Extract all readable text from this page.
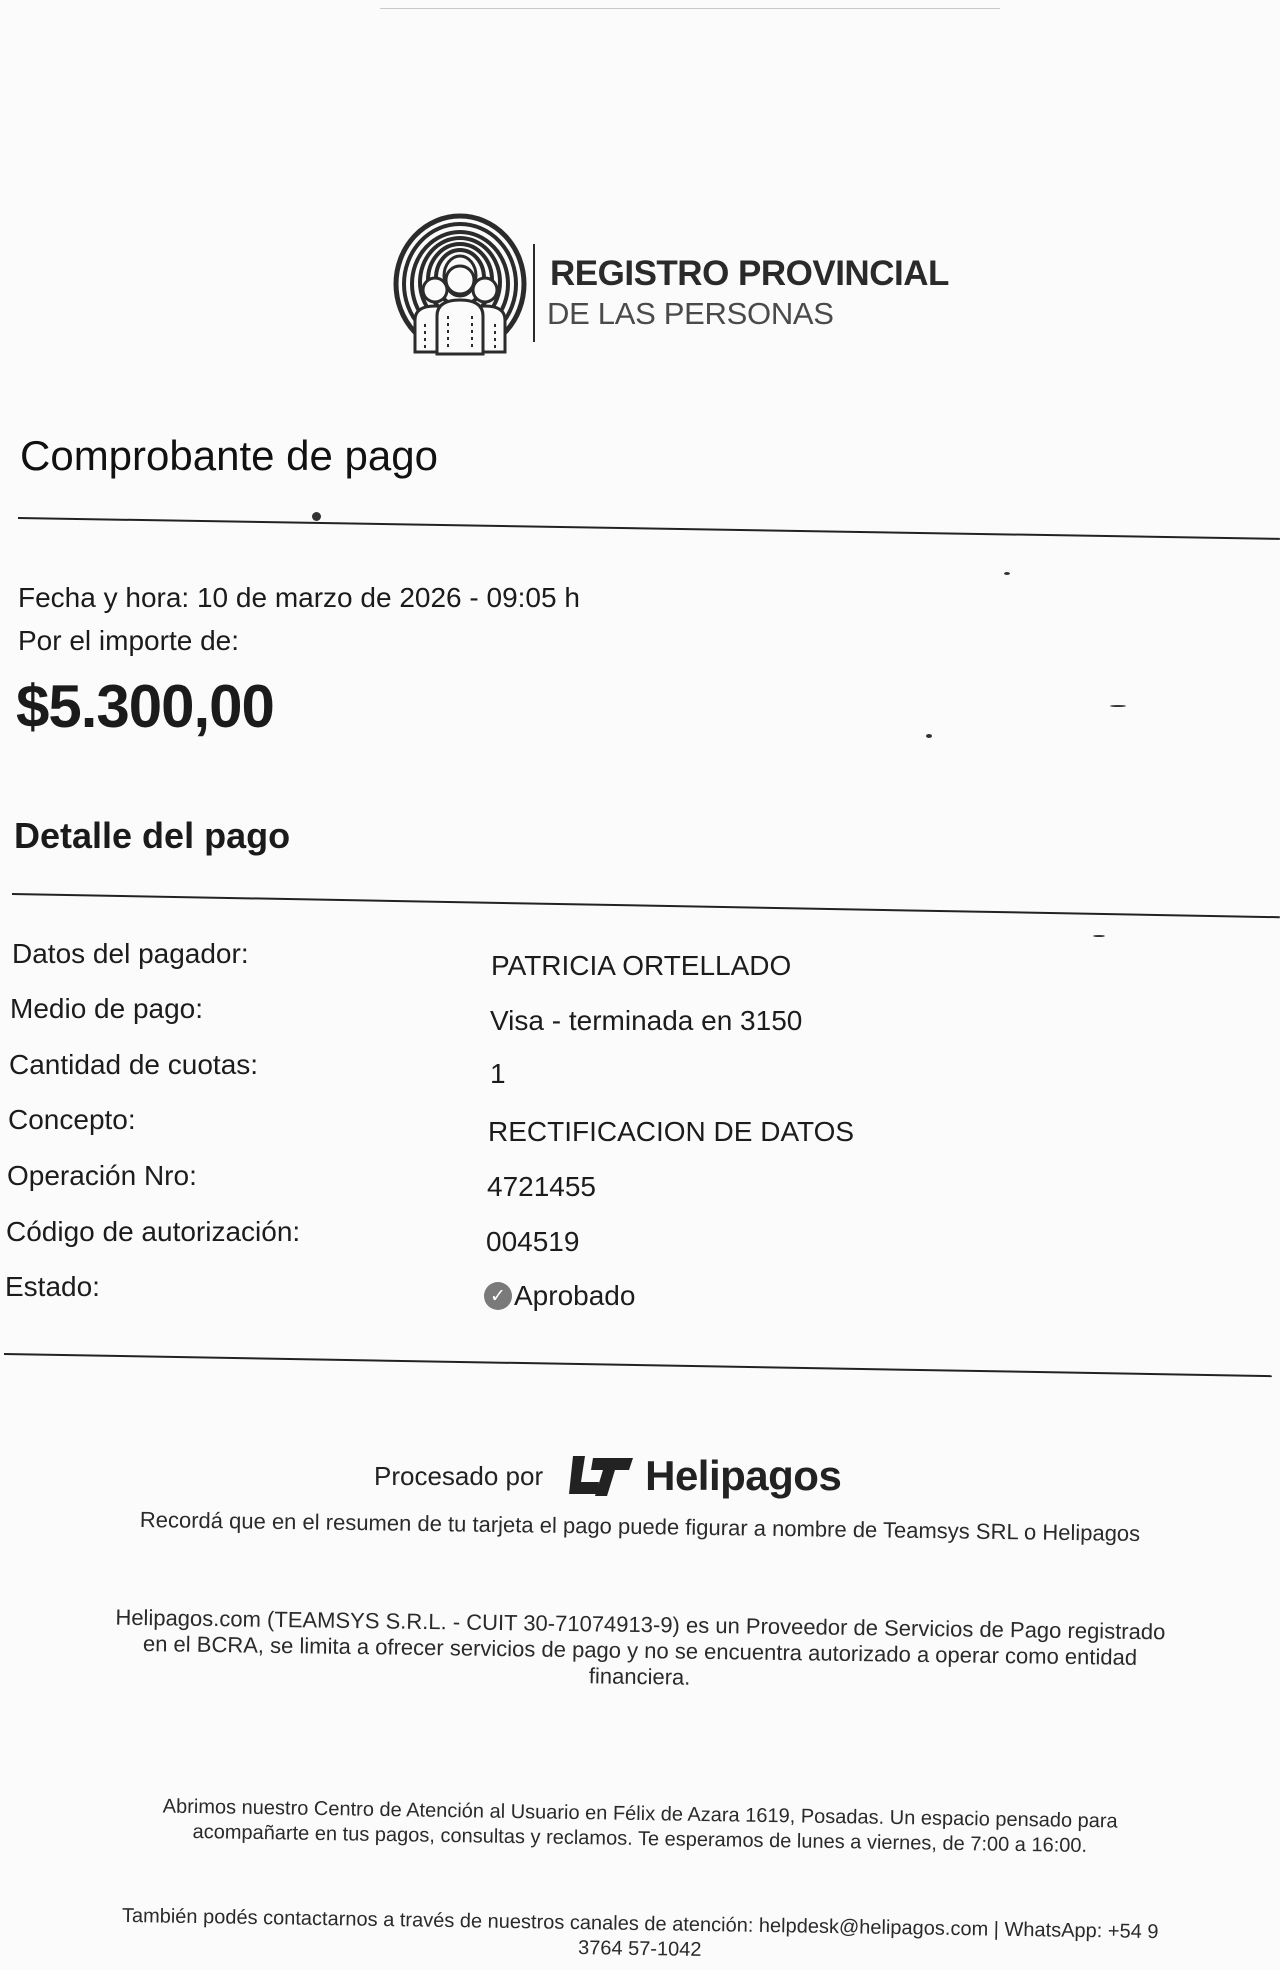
REGISTRO PROVINCIAL
DE LAS PERSONAS
Comprobante de pago
Fecha y hora: 10 de marzo de 2026 - 09:05 h
Por el importe de:
$5.300,00
Detalle del pago
Datos del pagador:	PATRICIA ORTELLADO
Medio de pago:	Visa - terminada en 3150
Cantidad de cuotas:	1
Concepto:	RECTIFICACION DE DATOS
Operación Nro:	4721455
Código de autorización:	004519
Estado:	✓ Aprobado
Procesado por Helipagos
Recordá que en el resumen de tu tarjeta el pago puede figurar a nombre de Teamsys SRL o Helipagos
Helipagos.com (TEAMSYS S.R.L. - CUIT 30-71074913-9) es un Proveedor de Servicios de Pago registrado en el BCRA, se limita a ofrecer servicios de pago y no se encuentra autorizado a operar como entidad financiera.
Abrimos nuestro Centro de Atención al Usuario en Félix de Azara 1619, Posadas. Un espacio pensado para acompañarte en tus pagos, consultas y reclamos. Te esperamos de lunes a viernes, de 7:00 a 16:00.
También podés contactarnos a través de nuestros canales de atención: helpdesk@helipagos.com | WhatsApp: +54 9 3764 57-1042
